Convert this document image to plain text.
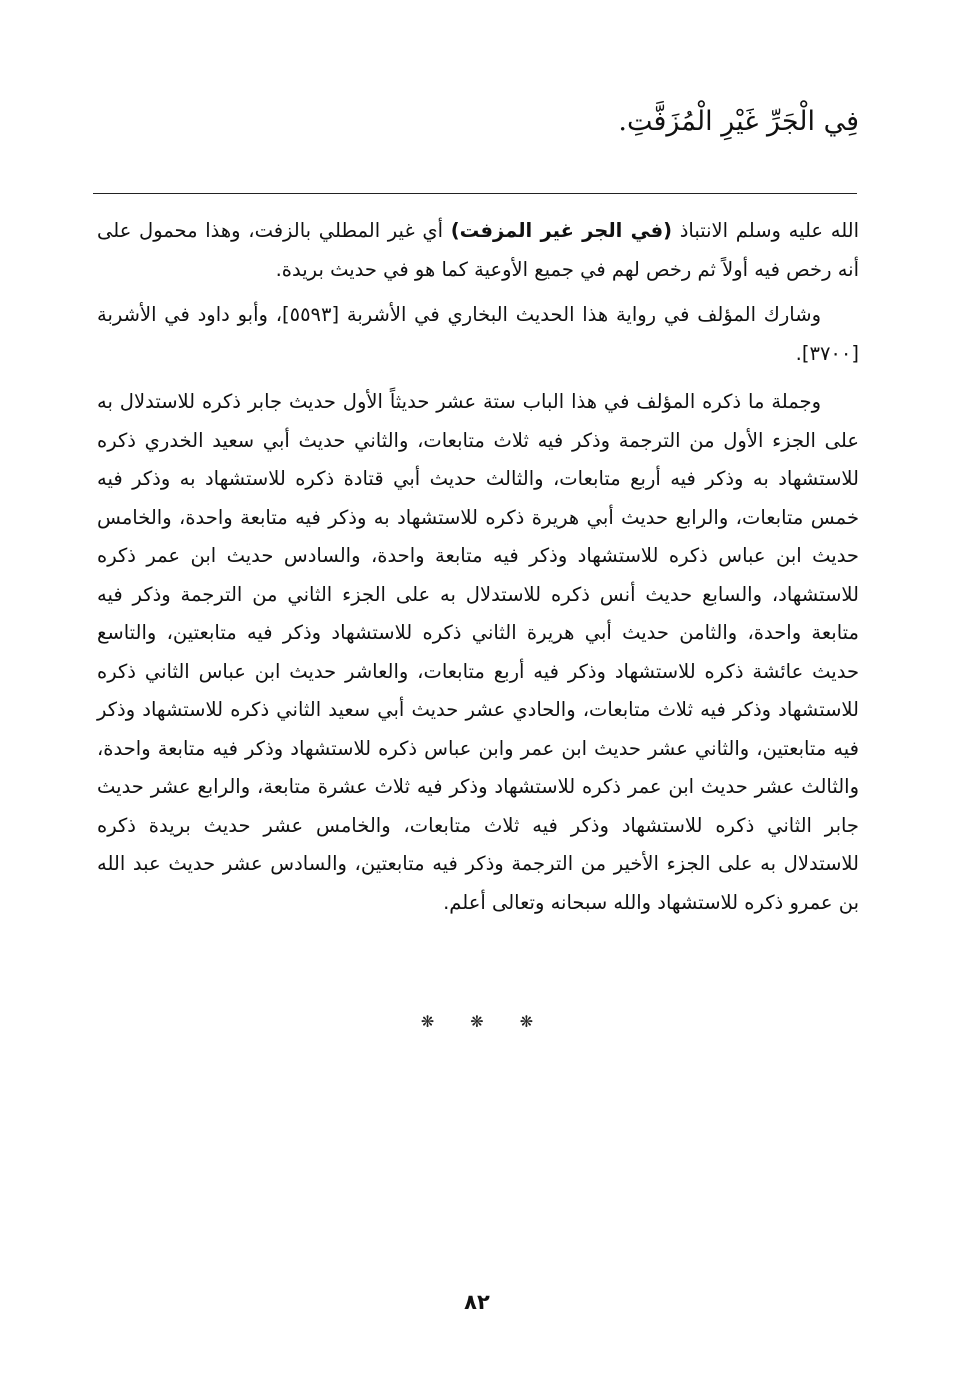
فِي الْجَرِّ غَيْرِ الْمُزَفَّتِ.

الله عليه وسلم الانتباذ (في الجر غير المزفت) أي غير المطلي بالزفت، وهذا محمول على أنه رخص فيه أولاً ثم رخص لهم في جميع الأوعية كما هو في حديث بريدة.

وشارك المؤلف في رواية هذا الحديث البخاري في الأشربة [٥٥٩٣]، وأبو داود في الأشربة [٣٧٠٠].

وجملة ما ذكره المؤلف في هذا الباب ستة عشر حديثاً الأول حديث جابر ذكره للاستدلال به على الجزء الأول من الترجمة وذكر فيه ثلاث متابعات، والثاني حديث أبي سعيد الخدري ذكره للاستشهاد به وذكر فيه أربع متابعات، والثالث حديث أبي قتادة ذكره للاستشهاد به وذكر فيه خمس متابعات، والرابع حديث أبي هريرة ذكره للاستشهاد به وذكر فيه متابعة واحدة، والخامس حديث ابن عباس ذكره للاستشهاد وذكر فيه متابعة واحدة، والسادس حديث ابن عمر ذكره للاستشهاد، والسابع حديث أنس ذكره للاستدلال به على الجزء الثاني من الترجمة وذكر فيه متابعة واحدة، والثامن حديث أبي هريرة الثاني ذكره للاستشهاد وذكر فيه متابعتين، والتاسع حديث عائشة ذكره للاستشهاد وذكر فيه أربع متابعات، والعاشر حديث ابن عباس الثاني ذكره للاستشهاد وذكر فيه ثلاث متابعات، والحادي عشر حديث أبي سعيد الثاني ذكره للاستشهاد وذكر فيه متابعتين، والثاني عشر حديث ابن عمر وابن عباس ذكره للاستشهاد وذكر فيه متابعة واحدة، والثالث عشر حديث ابن عمر ذكره للاستشهاد وذكر فيه ثلاث عشرة متابعة، والرابع عشر حديث جابر الثاني ذكره للاستشهاد وذكر فيه ثلاث متابعات، والخامس عشر حديث بريدة ذكره للاستدلال به على الجزء الأخير من الترجمة وذكر فيه متابعتين، والسادس عشر حديث عبد الله بن عمرو ذكره للاستشهاد والله سبحانه وتعالى أعلم.

❋ ❋ ❋
٨٢
